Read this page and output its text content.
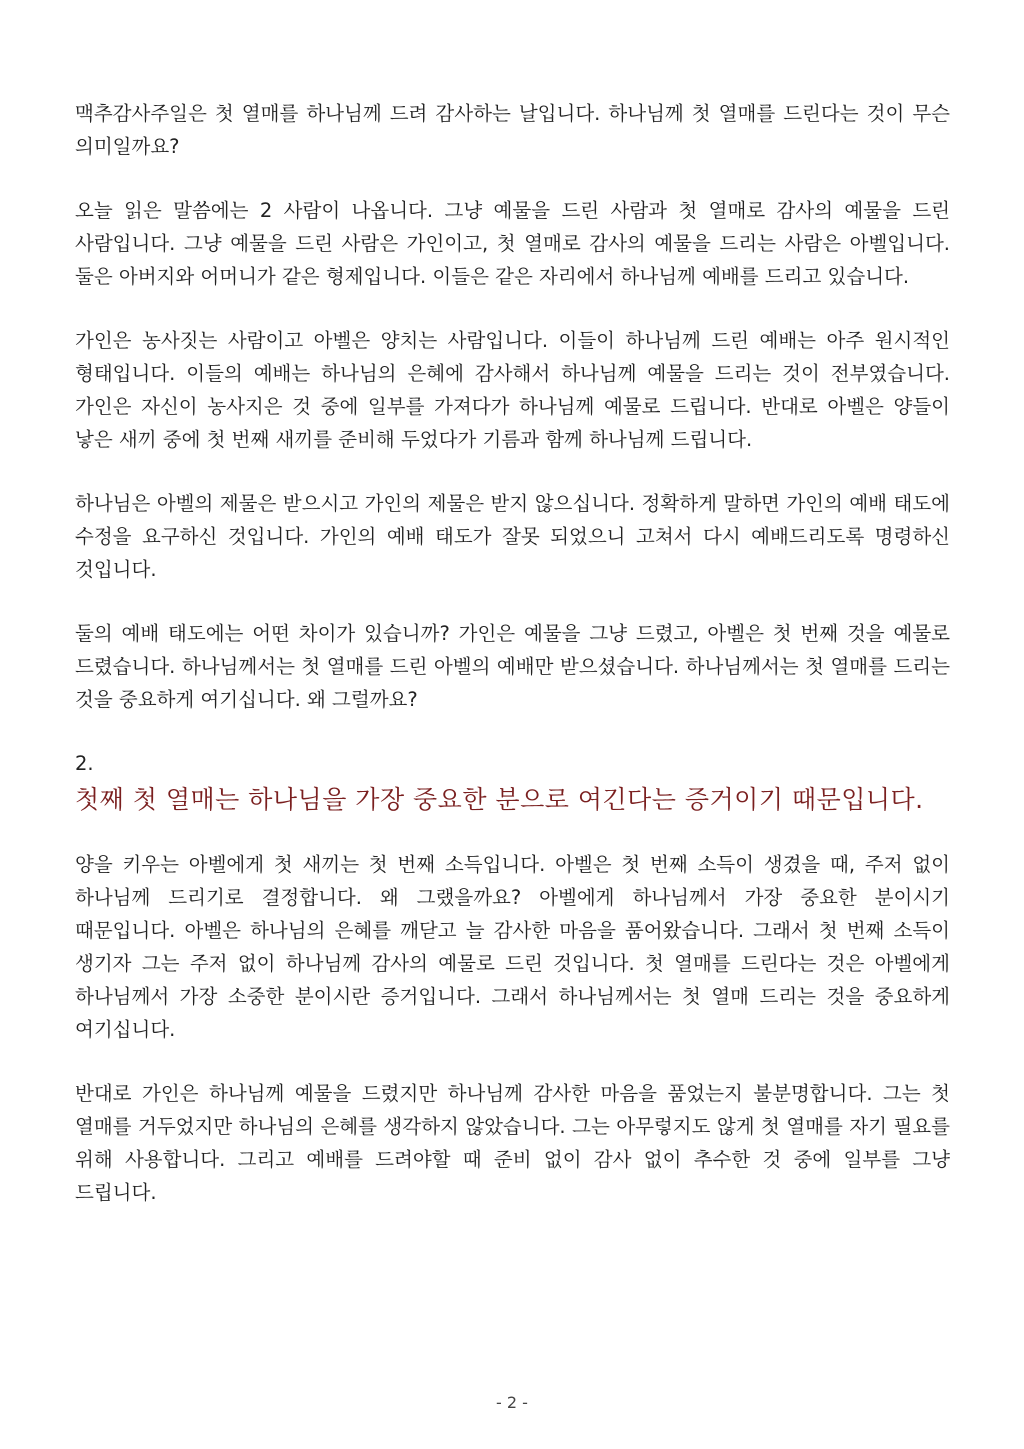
맥추감사주일은 첫 열매를 하나님께 드려 감사하는 날입니다. 하나님께 첫 열매를 드린다는 것이 무슨 의미일까요?

오늘 읽은 말씀에는 2 사람이 나옵니다. 그냥 예물을 드린 사람과 첫 열매로 감사의 예물을 드린 사람입니다. 그냥 예물을 드린 사람은 가인이고, 첫 열매로 감사의 예물을 드리는 사람은 아벨입니다. 둘은 아버지와 어머니가 같은 형제입니다. 이들은 같은 자리에서 하나님께 예배를 드리고 있습니다.

가인은 농사짓는 사람이고 아벨은 양치는 사람입니다. 이들이 하나님께 드린 예배는 아주 원시적인 형태입니다. 이들의 예배는 하나님의 은혜에 감사해서 하나님께 예물을 드리는 것이 전부였습니다. 가인은 자신이 농사지은 것 중에 일부를 가져다가 하나님께 예물로 드립니다. 반대로 아벨은 양들이 낳은 새끼 중에 첫 번째 새끼를 준비해 두었다가 기름과 함께 하나님께 드립니다.

하나님은 아벨의 제물은 받으시고 가인의 제물은 받지 않으십니다. 정확하게 말하면 가인의 예배 태도에 수정을 요구하신 것입니다. 가인의 예배 태도가 잘못 되었으니 고쳐서 다시 예배드리도록 명령하신 것입니다.

둘의 예배 태도에는 어떤 차이가 있습니까? 가인은 예물을 그냥 드렸고, 아벨은 첫 번째 것을 예물로 드렸습니다. 하나님께서는 첫 열매를 드린 아벨의 예배만 받으셨습니다. 하나님께서는 첫 열매를 드리는 것을 중요하게 여기십니다. 왜 그럴까요?

2.

첫째 첫 열매는 하나님을 가장 중요한 분으로 여긴다는 증거이기 때문입니다.

양을 키우는 아벨에게 첫 새끼는 첫 번째 소득입니다. 아벨은 첫 번째 소득이 생겼을 때, 주저 없이 하나님께 드리기로 결정합니다. 왜 그랬을까요? 아벨에게 하나님께서 가장 중요한 분이시기 때문입니다. 아벨은 하나님의 은혜를 깨닫고 늘 감사한 마음을 품어왔습니다. 그래서 첫 번째 소득이 생기자 그는 주저 없이 하나님께 감사의 예물로 드린 것입니다. 첫 열매를 드린다는 것은 아벨에게 하나님께서 가장 소중한 분이시란 증거입니다. 그래서 하나님께서는 첫 열매 드리는 것을 중요하게 여기십니다.

반대로 가인은 하나님께 예물을 드렸지만 하나님께 감사한 마음을 품었는지 불분명합니다. 그는 첫 열매를 거두었지만 하나님의 은혜를 생각하지 않았습니다. 그는 아무렇지도 않게 첫 열매를 자기 필요를 위해 사용합니다. 그리고 예배를 드려야할 때 준비 없이 감사 없이 추수한 것 중에 일부를 그냥 드립니다.

- 2 -
